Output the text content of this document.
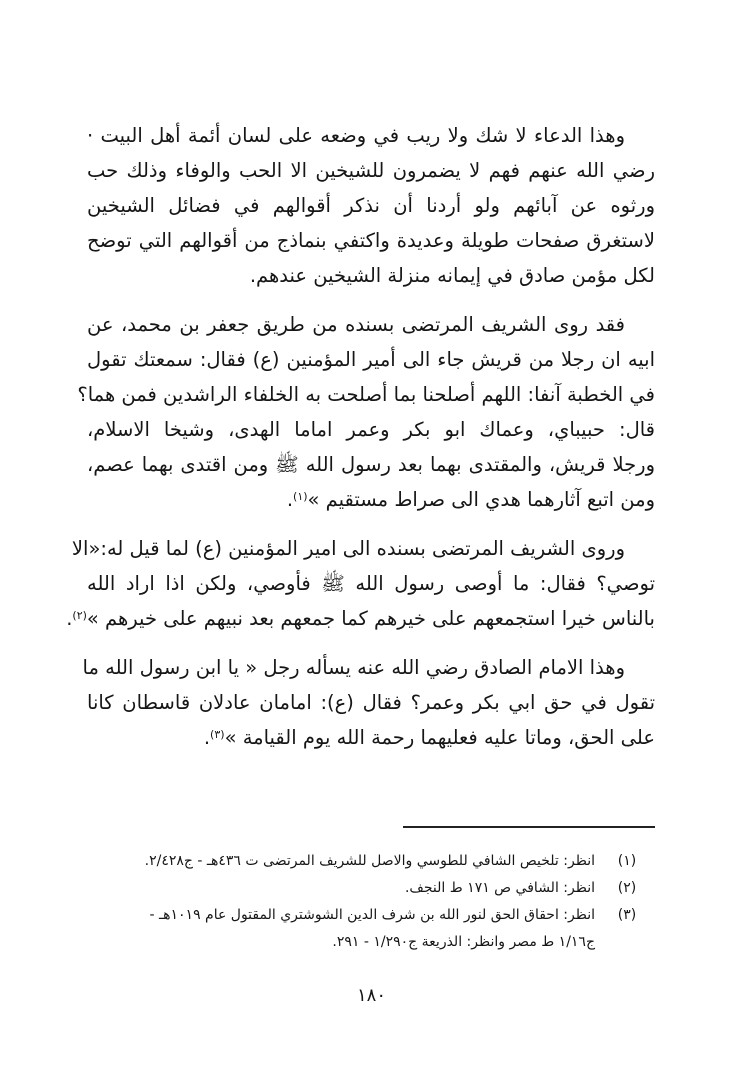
وهذا الدعاء لا شك ولا ريب في وضعه على لسان أئمة أهل البيت ·
رضي الله عنهم فهم لا يضمرون للشيخين الا الحب والوفاء وذلك حب
ورثوه عن آبائهم ولو أردنا أن نذكر أقوالهم في فضائل الشيخين
لاستغرق صفحات طويلة وعديدة واكتفي بنماذج من أقوالهم التي توضح
لكل مؤمن صادق في إيمانه منزلة الشيخين عندهم.

فقد روى الشريف المرتضى بسنده من طريق جعفر بن محمد، عن
ابيه ان رجلا من قريش جاء الى أمير المؤمنين (ع) فقال: سمعتك تقول
في الخطبة آنفا: اللهم أصلحنا بما أصلحت به الخلفاء الراشدين فمن هما؟
قال: حبيباي، وعماك ابو بكر وعمر اماما الهدى، وشيخا الاسلام،
ورجلا قريش، والمقتدى بهما بعد رسول الله ﷺ ومن اقتدى بهما عصم،
ومن اتبع آثارهما هدي الى صراط مستقيم »$^{(١)}$.

وروى الشريف المرتضى بسنده الى امير المؤمنين (ع) لما قيل له:«الا
توصي؟ فقال: ما أوصى رسول الله ﷺ فأوصي، ولكن اذا اراد الله
بالناس خيرا استجمعهم على خيرهم كما جمعهم بعد نبيهم على خيرهم »$^{(٢)}$.

وهذا الامام الصادق رضي الله عنه يسأله رجل « يا ابن رسول الله ما
تقول في حق ابي بكر وعمر؟ فقال (ع): امامان عادلان قاسطان كانا
على الحق، وماتا عليه فعليهما رحمة الله يوم القيامة »$^{(٣)}$.

(١)
انظر: تلخيص الشافي للطوسي والاصل للشريف المرتضى ت ٤٣٦هـ - ج٢/٤٢٨.
(٢)
انظر: الشافي ص ١٧١ ط النجف.
(٣)
انظر: احقاق الحق لنور الله بن شرف الدين الشوشتري المقتول عام ١٠١٩هـ -
ج١/١٦ ط مصر وانظر: الذريعة ج١/٢٩٠ - ٢٩١.
١٨٠
